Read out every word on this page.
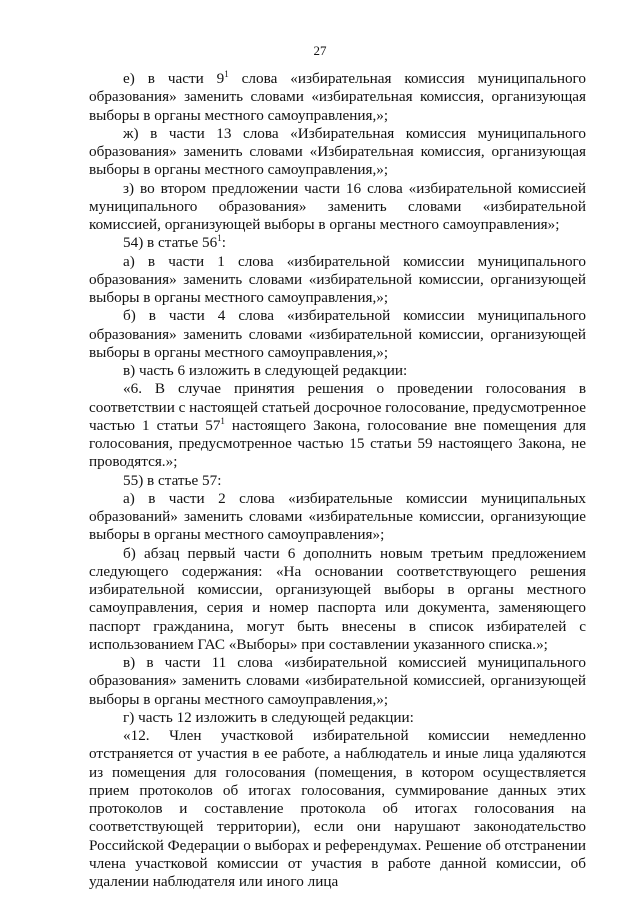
27

е) в части $9^1$ слова «избирательная комиссия муниципального образования» заменить словами «избирательная комиссия, организующая выборы в органы местного самоуправления,»;

ж) в части 13 слова «Избирательная комиссия муниципального образования» заменить словами «Избирательная комиссия, организующая выборы в органы местного самоуправления,»;

з) во втором предложении части 16 слова «избирательной комиссией муниципального образования» заменить словами «избирательной комиссией, организующей выборы в органы местного самоуправления»;

54) в статье $56^1$:

а) в части 1 слова «избирательной комиссии муниципального образования» заменить словами «избирательной комиссии, организующей выборы в органы местного самоуправления,»;

б) в части 4 слова «избирательной комиссии муниципального образования» заменить словами «избирательной комиссии, организующей выборы в органы местного самоуправления,»;

в) часть 6 изложить в следующей редакции:

«6. В случае принятия решения о проведении голосования в соответствии с настоящей статьей досрочное голосование, предусмотренное частью 1 статьи $57^1$ настоящего Закона, голосование вне помещения для голосования, предусмотренное частью 15 статьи 59 настоящего Закона, не проводятся.»;

55) в статье 57:

а) в части 2 слова «избирательные комиссии муниципальных образований» заменить словами «избирательные комиссии, организующие выборы в органы местного самоуправления»;

б) абзац первый части 6 дополнить новым третьим предложением следующего содержания: «На основании соответствующего решения избирательной комиссии, организующей выборы в органы местного самоуправления, серия и номер паспорта или документа, заменяющего паспорт гражданина, могут быть внесены в список избирателей с использованием ГАС «Выборы» при составлении указанного списка.»;

в) в части 11 слова «избирательной комиссией муниципального образования» заменить словами «избирательной комиссией, организующей выборы в органы местного самоуправления,»;

г) часть 12 изложить в следующей редакции:

«12. Член участковой избирательной комиссии немедленно отстраняется от участия в ее работе, а наблюдатель и иные лица удаляются из помещения для голосования (помещения, в котором осуществляется прием протоколов об итогах голосования, суммирование данных этих протоколов и составление протокола об итогах голосования на соответствующей территории), если они нарушают законодательство Российской Федерации о выборах и референдумах. Решение об отстранении члена участковой комиссии от участия в работе данной комиссии, об удалении наблюдателя или иного лица
